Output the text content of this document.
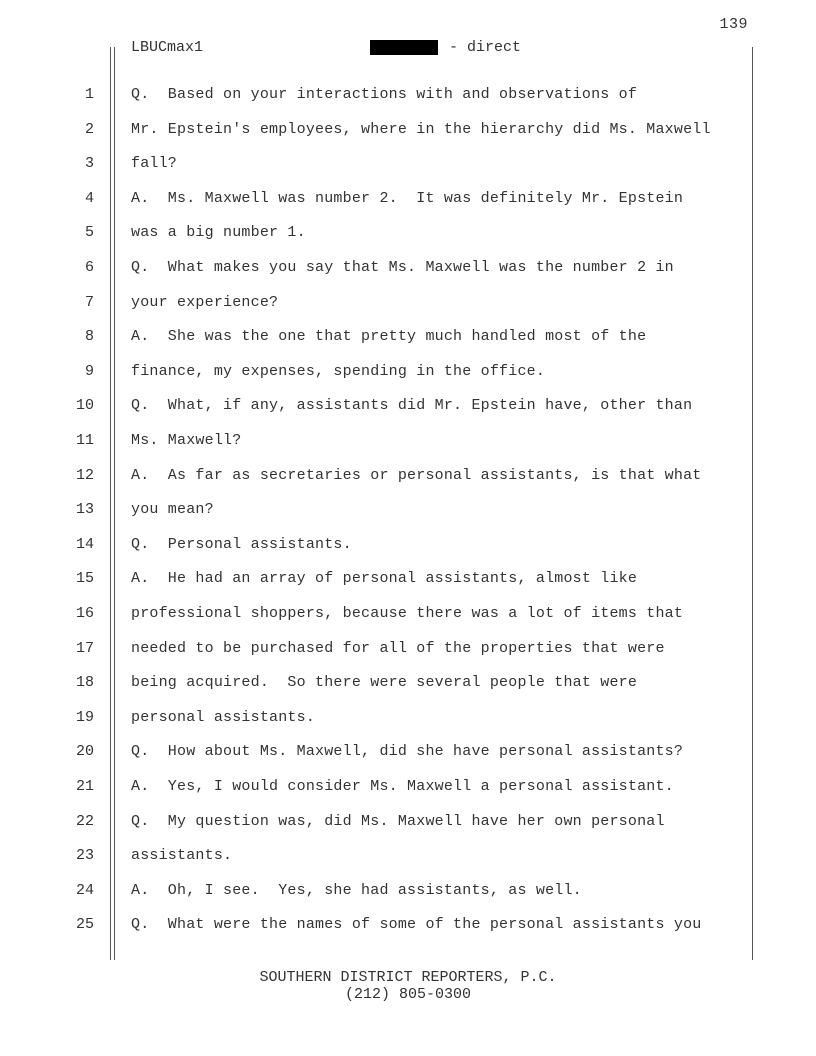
139
LBUCmax1	- direct
1 Q.  Based on your interactions with and observations of
2 Mr. Epstein's employees, where in the hierarchy did Ms. Maxwell
3 fall?
4 A.  Ms. Maxwell was number 2.  It was definitely Mr. Epstein
5 was a big number 1.
6 Q.  What makes you say that Ms. Maxwell was the number 2 in
7 your experience?
8 A.  She was the one that pretty much handled most of the
9 finance, my expenses, spending in the office.
10 Q.  What, if any, assistants did Mr. Epstein have, other than
11 Ms. Maxwell?
12 A.  As far as secretaries or personal assistants, is that what
13 you mean?
14 Q.  Personal assistants.
15 A.  He had an array of personal assistants, almost like
16 professional shoppers, because there was a lot of items that
17 needed to be purchased for all of the properties that were
18 being acquired.  So there were several people that were
19 personal assistants.
20 Q.  How about Ms. Maxwell, did she have personal assistants?
21 A.  Yes, I would consider Ms. Maxwell a personal assistant.
22 Q.  My question was, did Ms. Maxwell have her own personal
23 assistants.
24 A.  Oh, I see.  Yes, she had assistants, as well.
25 Q.  What were the names of some of the personal assistants you
SOUTHERN DISTRICT REPORTERS, P.C.
(212) 805-0300
